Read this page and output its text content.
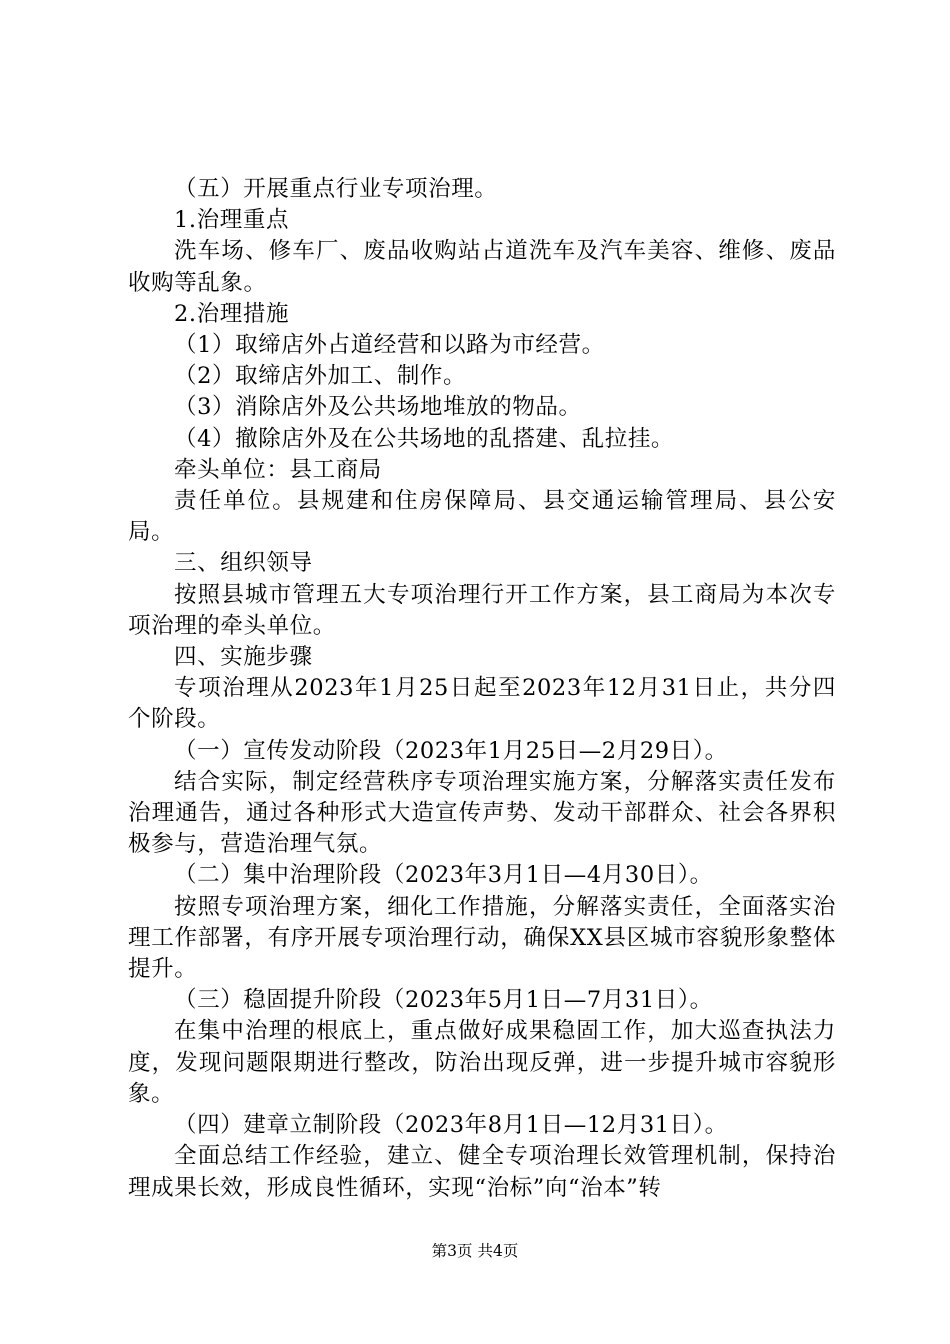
（五）开展重点行业专项治理。

1.治理重点

洗车场、修车厂、废品收购站占道洗车及汽车美容、维修、废品收购等乱象。

2.治理措施

（1）取缔店外占道经营和以路为市经营。

（2）取缔店外加工、制作。

（3）消除店外及公共场地堆放的物品。

（4）撤除店外及在公共场地的乱搭建、乱拉挂。

牵头单位：县工商局

责任单位。县规建和住房保障局、县交通运输管理局、县公安局。

三、组织领导

按照县城市管理五大专项治理行开工作方案，县工商局为本次专项治理的牵头单位。

四、实施步骤

专项治理从2023年1月25日起至2023年12月31日止，共分四个阶段。

（一）宣传发动阶段（2023年1月25日—2月29日）。

结合实际，制定经营秩序专项治理实施方案，分解落实责任发布治理通告，通过各种形式大造宣传声势、发动干部群众、社会各界积极参与，营造治理气氛。

（二）集中治理阶段（2023年3月1日—4月30日）。

按照专项治理方案，细化工作措施，分解落实责任，全面落实治理工作部署，有序开展专项治理行动，确保XX县区城市容貌形象整体提升。

（三）稳固提升阶段（2023年5月1日—7月31日）。

在集中治理的根底上，重点做好成果稳固工作，加大巡查执法力度，发现问题限期进行整改，防治出现反弹，进一步提升城市容貌形象。

（四）建章立制阶段（2023年8月1日—12月31日）。

全面总结工作经验，建立、健全专项治理长效管理机制，保持治理成果长效，形成良性循环，实现“治标”向“治本”转

第3页 共4页
